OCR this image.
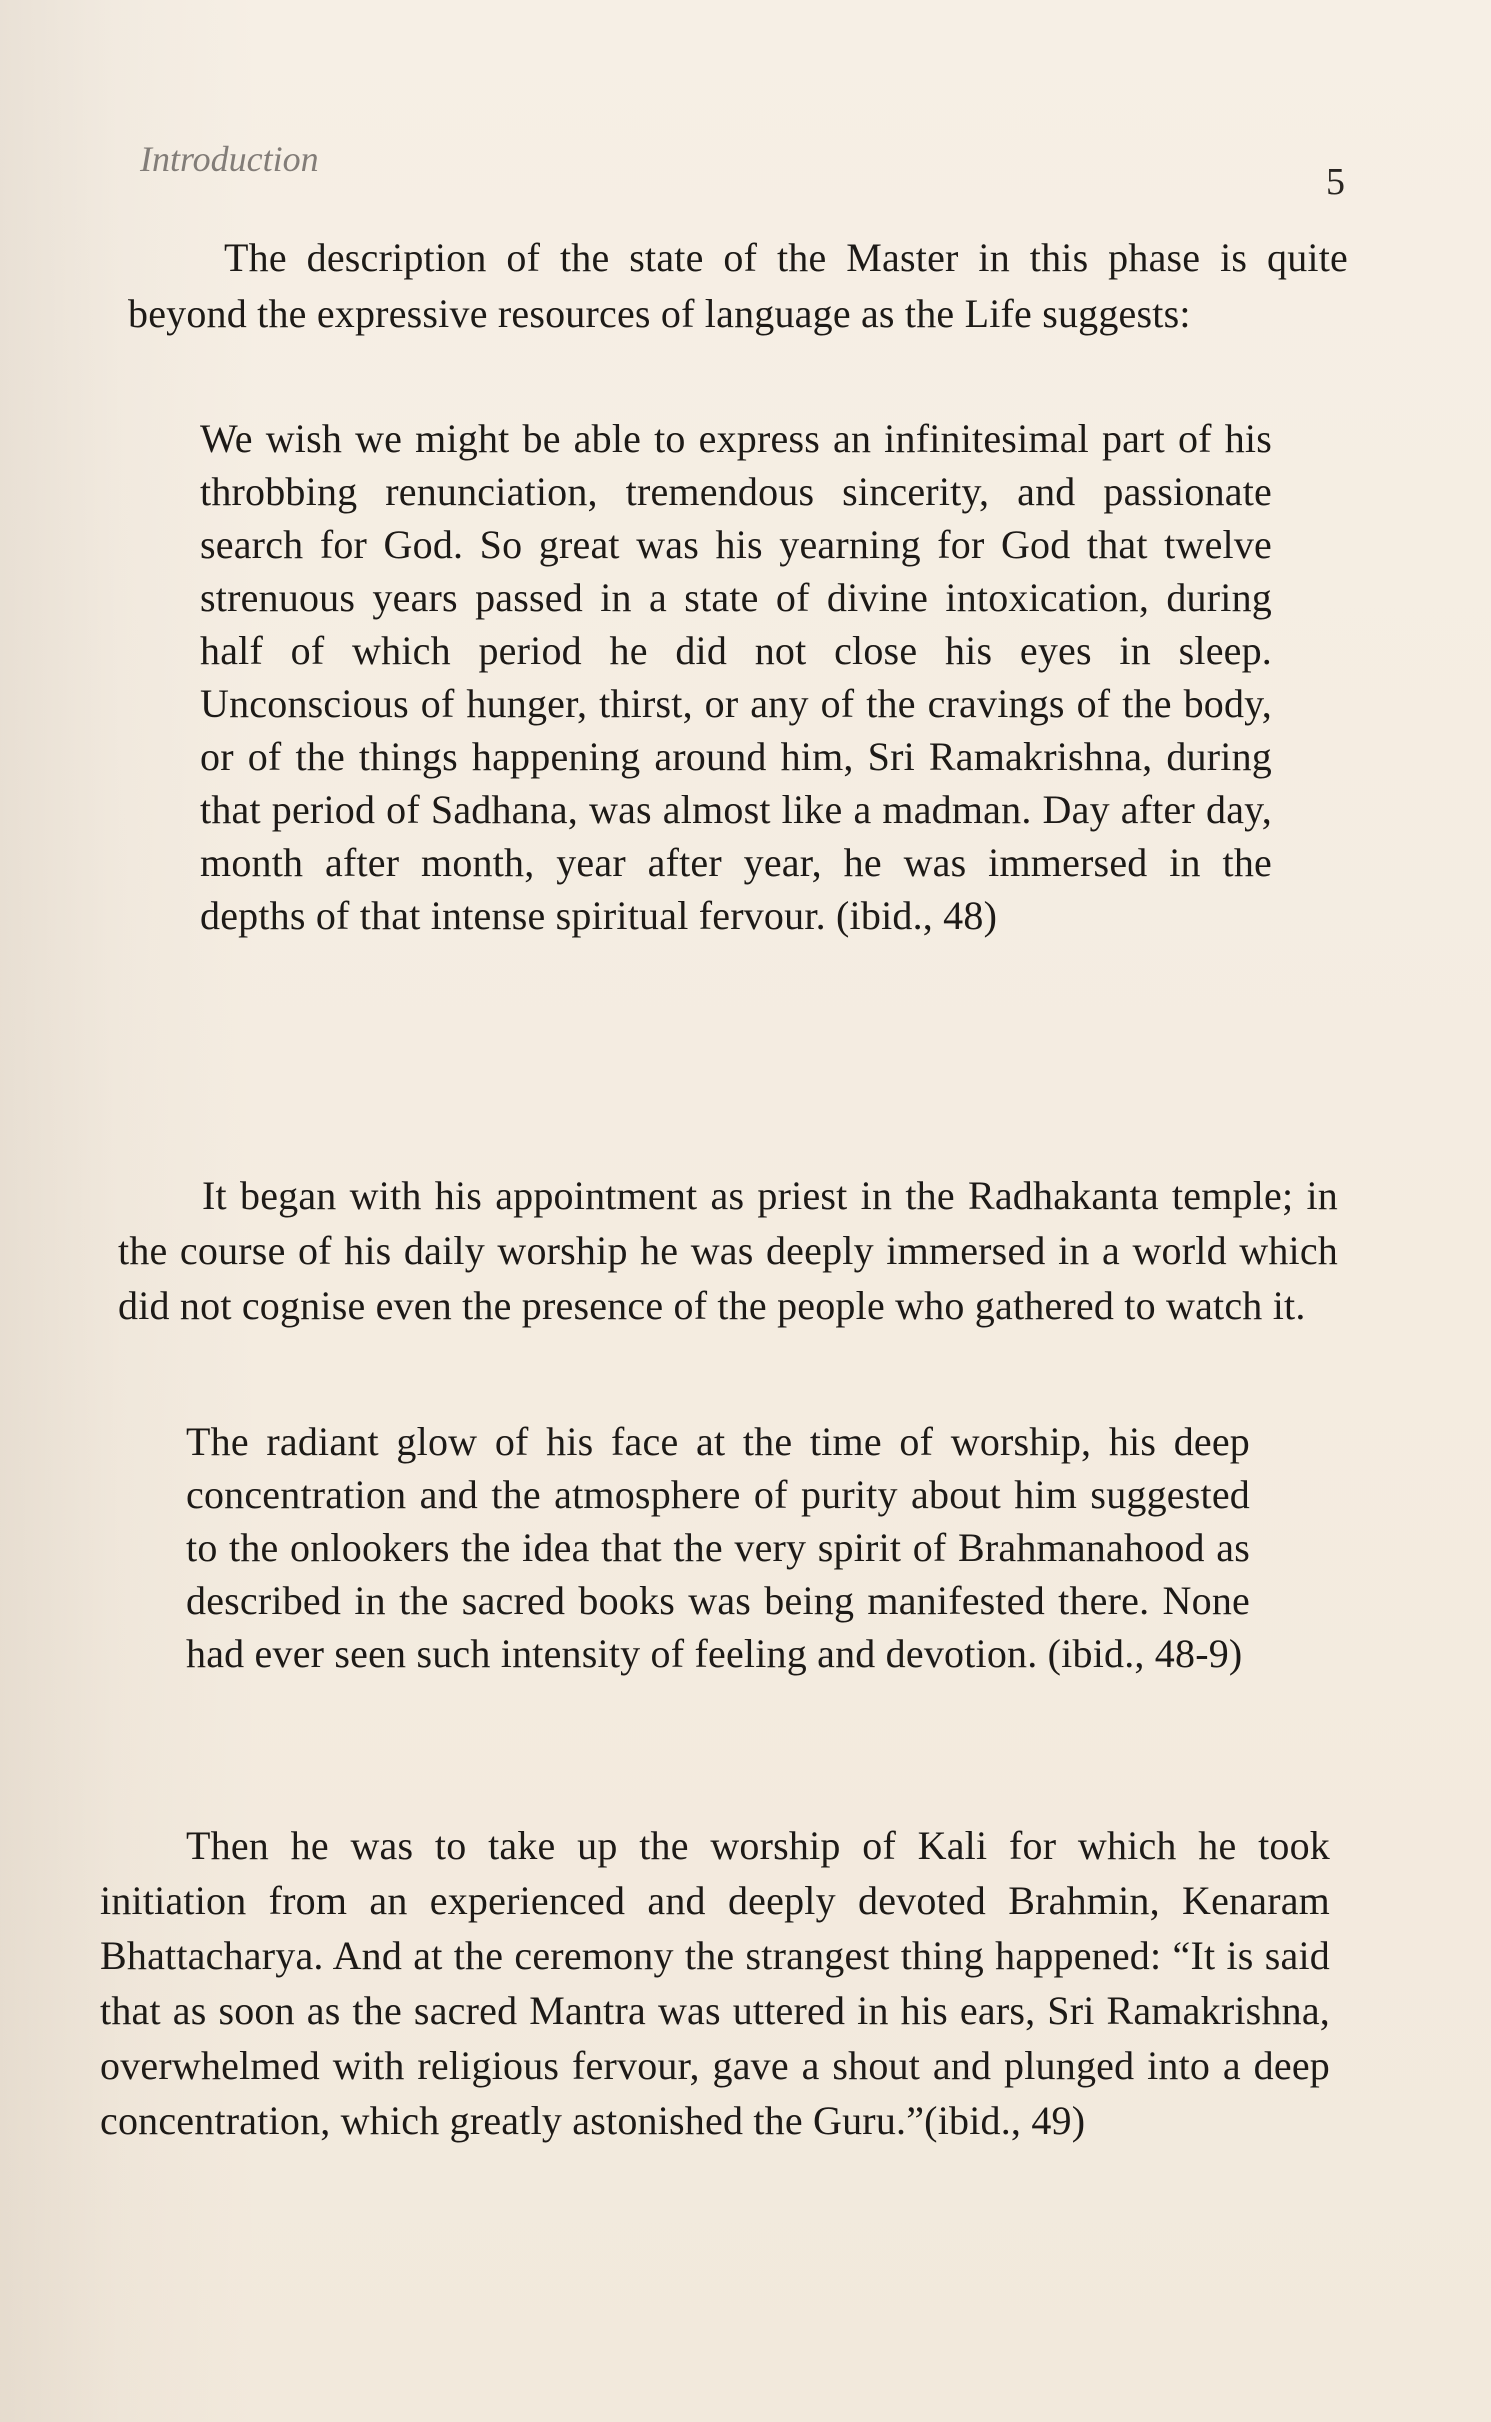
Introduction
5

The description of the state of the Master in this phase is quite beyond the expressive resources of language as the Life suggests:

We wish we might be able to express an infinitesimal part of his throbbing renunciation, tremendous sincerity, and passionate search for God. So great was his yearning for God that twelve strenuous years passed in a state of divine intoxication, during half of which period he did not close his eyes in sleep. Unconscious of hunger, thirst, or any of the cravings of the body, or of the things happening around him, Sri Ramakrishna, during that period of Sadhana, was almost like a madman. Day after day, month after month, year after year, he was immersed in the depths of that intense spiritual fervour. (ibid., 48)

It began with his appointment as priest in the Radhakanta temple; in the course of his daily worship he was deeply immersed in a world which did not cognise even the presence of the people who gathered to watch it.

The radiant glow of his face at the time of worship, his deep concentration and the atmosphere of purity about him suggested to the onlookers the idea that the very spirit of Brahmanahood as described in the sacred books was being manifested there. None had ever seen such intensity of feeling and devotion. (ibid., 48-9)

Then he was to take up the worship of Kali for which he took initiation from an experienced and deeply devoted Brahmin, Kenaram Bhattacharya. And at the ceremony the strangest thing happened: “It is said that as soon as the sacred Mantra was uttered in his ears, Sri Ramakrishna, overwhelmed with religious fervour, gave a shout and plunged into a deep concentration, which greatly astonished the Guru.”(ibid., 49)
